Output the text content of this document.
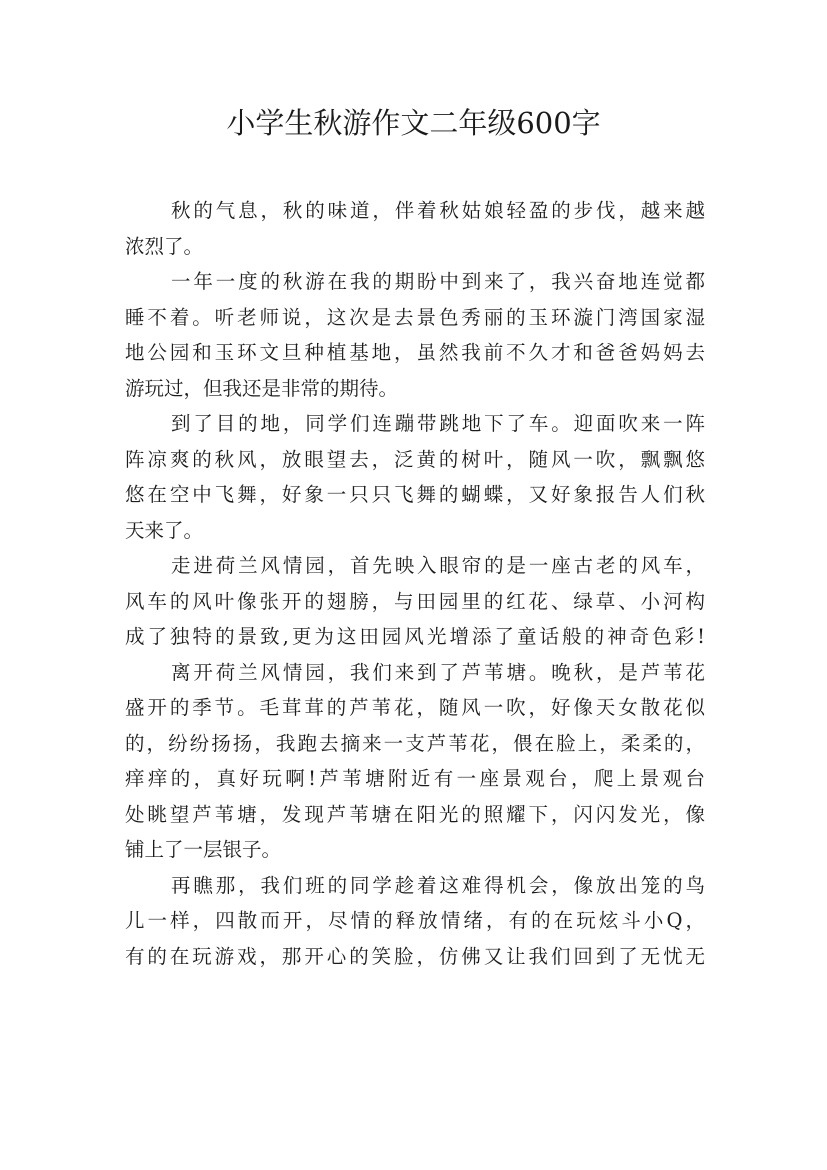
小学生秋游作文二年级600字
秋的气息，秋的味道，伴着秋姑娘轻盈的步伐，越来越
浓烈了。
一年一度的秋游在我的期盼中到来了，我兴奋地连觉都
睡不着。听老师说，这次是去景色秀丽的玉环漩门湾国家湿
地公园和玉环文旦种植基地，虽然我前不久才和爸爸妈妈去
游玩过，但我还是非常的期待。
到了目的地，同学们连蹦带跳地下了车。迎面吹来一阵
阵凉爽的秋风，放眼望去，泛黄的树叶，随风一吹，飘飘悠
悠在空中飞舞，好象一只只飞舞的蝴蝶，又好象报告人们秋
天来了。
走进荷兰风情园，首先映入眼帘的是一座古老的风车，
风车的风叶像张开的翅膀，与田园里的红花、绿草、小河构
成了独特的景致,更为这田园风光增添了童话般的神奇色彩!
离开荷兰风情园，我们来到了芦苇塘。晚秋，是芦苇花
盛开的季节。毛茸茸的芦苇花，随风一吹，好像天女散花似
的，纷纷扬扬，我跑去摘来一支芦苇花，偎在脸上，柔柔的，
痒痒的，真好玩啊!芦苇塘附近有一座景观台，爬上景观台
处眺望芦苇塘，发现芦苇塘在阳光的照耀下，闪闪发光，像
铺上了一层银子。
再瞧那，我们班的同学趁着这难得机会，像放出笼的鸟
儿一样，四散而开，尽情的释放情绪，有的在玩炫斗小Q，
有的在玩游戏，那开心的笑脸，仿佛又让我们回到了无忧无
